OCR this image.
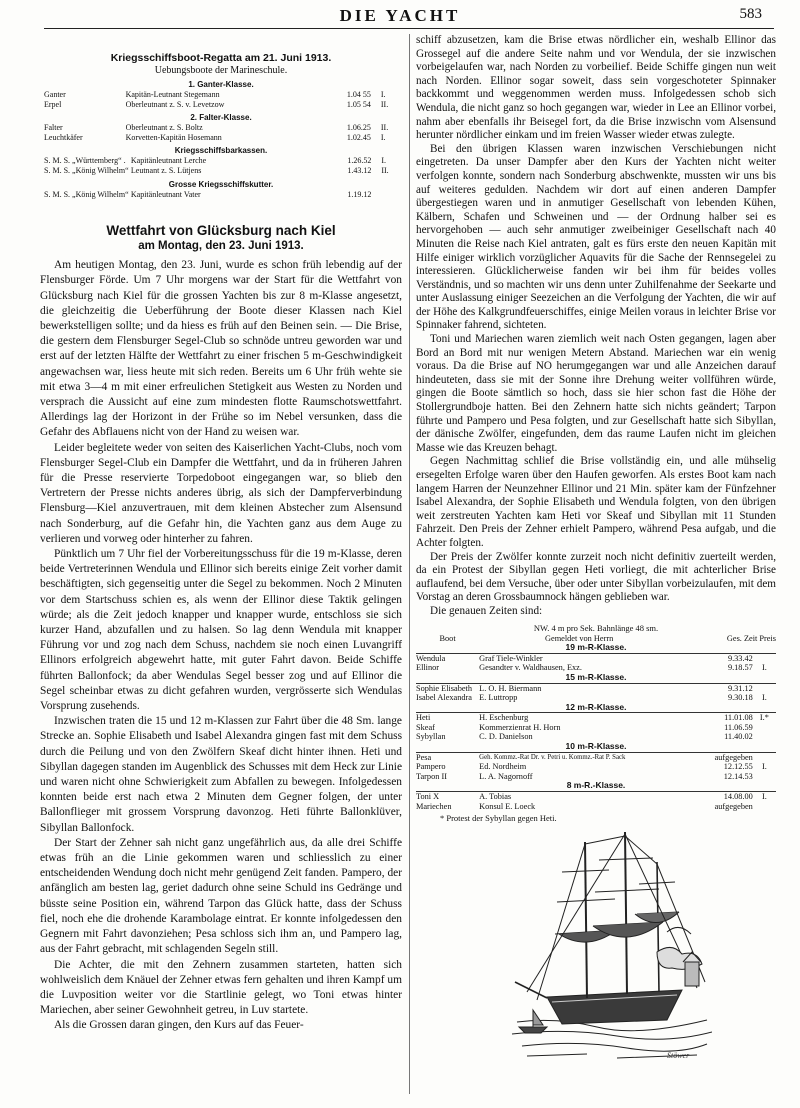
DIE YACHT	583
Kriegsschiffsboot-Regatta am 21. Juni 1913.
Uebungsboote der Marineschule.
1. Ganter-Klasse.
Ganter	Kapitän-Leutnant Stegemann	1.04 55	I.
Erpel	Oberleutnant z. S. v. Levetzow	1.05 54	II.
2. Falter-Klasse.
Falter	Oberleutnant z. S. Boltz	1.06.25	II.
Leuchtkäfer	Korvetten-Kapitän Hosemann	1.02.45	I.
Kriegsschiffsbarkassen.
S. M. S. „Württemberg“ .	Kapitänleutnant Lerche	1.26.52	I.
S. M. S. „König Wilhelm“	Leutnant z. S. Lütjens	1.43.12	II.
Grosse Kriegsschiffskutter.
S. M. S. „König Wilhelm“	Kapitänleutnant Vater	1.19.12	
Wettfahrt von Glücksburg nach Kiel
am Montag, den 23. Juni 1913.

Am heutigen Montag, den 23. Juni, wurde es schon früh lebendig auf der Flensburger Förde. Um 7 Uhr morgens war der Start für die Wettfahrt von Glücksburg nach Kiel für die grossen Yachten bis zur 8 m-Klasse angesetzt, die gleichzeitig die Ueberführung der Boote dieser Klassen nach Kiel bewerkstelligen sollte; und da hiess es früh auf den Beinen sein. — Die Brise, die gestern dem Flensburger Segel-Club so schnöde untreu geworden war und erst auf der letzten Hälfte der Wettfahrt zu einer frischen 5 m-Geschwindigkeit angewachsen war, liess heute mit sich reden. Bereits um 6 Uhr früh wehte sie mit etwa 3—4 m mit einer erfreulichen Stetigkeit aus Westen zu Norden und versprach die Aussicht auf eine zum mindesten flotte Raumschotswettfahrt. Allerdings lag der Horizont in der Frühe so im Nebel versunken, dass die Gefahr des Abflauens nicht von der Hand zu weisen war.

Leider begleitete weder von seiten des Kaiserlichen Yacht-Clubs, noch vom Flensburger Segel-Club ein Dampfer die Wettfahrt, und da in früheren Jahren für die Presse reservierte Torpedoboot eingegangen war, so blieb den Vertretern der Presse nichts anderes übrig, als sich der Dampferverbindung Flensburg—Kiel anzuvertrauen, mit dem kleinen Abstecher zum Alsensund nach Sonderburg, auf die Gefahr hin, die Yachten ganz aus dem Auge zu verlieren und vorweg oder hinterher zu fahren.

Pünktlich um 7 Uhr fiel der Vorbereitungsschuss für die 19 m-Klasse, deren beide Vertreterinnen Wendula und Ellinor sich bereits einige Zeit vorher damit beschäftigten, sich gegenseitig unter die Segel zu bekommen. Noch 2 Minuten vor dem Startschuss schien es, als wenn der Ellinor diese Taktik gelingen würde; als die Zeit jedoch knapper und knapper wurde, entschloss sie sich kurzer Hand, abzufallen und zu halsen. So lag denn Wendula mit knapper Führung vor und zog nach dem Schuss, nachdem sie noch einen Luvangriff Ellinors erfolgreich abgewehrt hatte, mit guter Fahrt davon. Beide Schiffe führten Ballonfock; da aber Wendulas Segel besser zog und auf Ellinor die Segel scheinbar etwas zu dicht gefahren wurden, vergrösserte sich Wendulas Vorsprung zusehends.

Inzwischen traten die 15 und 12 m-Klassen zur Fahrt über die 48 Sm. lange Strecke an. Sophie Elisabeth und Isabel Alexandra gingen fast mit dem Schuss durch die Peilung und von den Zwölfern Skeaf dicht hinter ihnen. Heti und Sibyllan dagegen standen im Augenblick des Schusses mit dem Heck zur Linie und waren nicht ohne Schwierigkeit zum Abfallen zu bewegen. Infolgedessen konnten beide erst nach etwa 2 Minuten dem Gegner folgen, der unter Ballonflieger mit grossem Vorsprung davonzog. Heti führte Ballonklüver, Sibyllan Ballonfock.

Der Start der Zehner sah nicht ganz ungefährlich aus, da alle drei Schiffe etwas früh an die Linie gekommen waren und schliesslich zu einer entscheidenden Wendung doch nicht mehr genügend Zeit fanden. Pampero, der anfänglich am besten lag, geriet dadurch ohne seine Schuld ins Gedränge und büsste seine Position ein, während Tarpon das Glück hatte, dass der Schuss fiel, noch ehe die drohende Karambolage eintrat. Er konnte infolgedessen den Gegnern mit Fahrt davonziehen; Pesa schloss sich ihm an, und Pampero lag, aus der Fahrt gebracht, mit schlagenden Segeln still.

Die Achter, die mit den Zehnern zusammen starteten, hatten sich wohlweislich dem Knäuel der Zehner etwas fern gehalten und ihren Kampf um die Luvposition weiter vor die Startlinie gelegt, wo Toni etwas hinter Mariechen, aber seiner Gewohnheit getreu, in Luv startete.

Als die Grossen daran gingen, den Kurs auf das Feuer-

schiff abzusetzen, kam die Brise etwas nördlicher ein, weshalb Ellinor das Grossegel auf die andere Seite nahm und vor Wendula, der sie inzwischen vorbeigelaufen war, nach Norden zu vorbeilief. Beide Schiffe gingen nun weit nach Norden. Ellinor sogar soweit, dass sein vorgeschoteter Spinnaker backkommt und weggenommen werden muss. Infolgedessen schob sich Wendula, die nicht ganz so hoch gegangen war, wieder in Lee an Ellinor vorbei, nahm aber ebenfalls ihr Beisegel fort, da die Brise inzwischn vom Alsensund herunter nördlicher einkam und im freien Wasser wieder etwas zulegte.

Bei den übrigen Klassen waren inzwischen Verschiebungen nicht eingetreten. Da unser Dampfer aber den Kurs der Yachten nicht weiter verfolgen konnte, sondern nach Sonderburg abschwenkte, mussten wir uns bis auf weiteres gedulden. Nachdem wir dort auf einen anderen Dampfer übergestiegen waren und in anmutiger Gesellschaft von lebenden Kühen, Kälbern, Schafen und Schweinen und — der Ordnung halber sei es hervorgehoben — auch sehr anmutiger zweibeiniger Gesellschaft nach 40 Minuten die Reise nach Kiel antraten, galt es fürs erste den neuen Kapitän mit Hilfe einiger wirklich vorzüglicher Aquavits für die Sache der Rennsegelei zu interessieren. Glücklicherweise fanden wir bei ihm für beides volles Verständnis, und so machten wir uns denn unter Zuhilfenahme der Seekarte und unter Auslassung einiger Seezeichen an die Verfolgung der Yachten, die wir auf der Höhe des Kalkgrundfeuerschiffes, einige Meilen voraus in leichter Brise vor Spinnaker fahrend, sichteten.

Toni und Mariechen waren ziemlich weit nach Osten gegangen, lagen aber Bord an Bord mit nur wenigen Metern Abstand. Mariechen war ein wenig voraus. Da die Brise auf NO herumgegangen war und alle Anzeichen darauf hindeuteten, dass sie mit der Sonne ihre Drehung weiter vollführen würde, gingen die Boote sämtlich so hoch, dass sie hier schon fast die Höhe der Stollergrundboje hatten. Bei den Zehnern hatte sich nichts geändert; Tarpon führte und Pampero und Pesa folgten, und zur Gesellschaft hatte sich Sibyllan, der dänische Zwölfer, eingefunden, dem das raume Laufen nicht im gleichen Masse wie das Kreuzen behagt.

Gegen Nachmittag schlief die Brise vollständig ein, und alle mühselig ersegelten Erfolge waren über den Haufen geworfen. Als erstes Boot kam nach langem Harren der Neunzehner Ellinor und 21 Min. später kam der Fünfzehner Isabel Alexandra, der Sophie Elisabeth und Wendula folgten, von den übrigen weit zerstreuten Yachten kam Heti vor Skeaf und Sibyllan mit 11 Stunden Fahrzeit. Den Preis der Zehner erhielt Pampero, während Pesa aufgab, und die Achter folgten.

Der Preis der Zwölfer konnte zurzeit noch nicht definitiv zuerteilt werden, da ein Protest der Sibyllan gegen Heti vorliegt, die mit achterlicher Brise auflaufend, bei dem Versuche, über oder unter Sibyllan vorbeizulaufen, mit dem Vorstag an deren Grossbaumnock hängen geblieben war.

Die genauen Zeiten sind:

NW. 4 m pro Sek. Bahnlänge 48 sm.
Boot	Gemeldet von Herrn	Ges. Zeit Preis	
19 m-R-Klasse.			
Wendula	Graf Tiele-Winkler	9.33.42	
Ellinor	Gesandter v. Waldhausen, Exz.	9.18.57	I.
15 m-R-Klasse.			
Sophie Elisabeth	L. O. H. Biermann	9.31.12	
Isabel Alexandra	E. Luttropp	9.30.18	I.
12 m-R-Klasse.			
Heti	H. Eschenburg	11.01.08	I.*
Skeaf	Kommerzienrat H. Horn	11.06.59	
Sybyllan	C. D. Danielson	11.40.02	
10 m-R-Klasse.			
Pesa	Geh. Kommz.-Rat Dr. v. Petri u. Kommz.-Rat P. Sack	aufgegeben	
Pampero	Ed. Nordheim	12.12.55	I.
Tarpon II	L. A. Nagornoff	12.14.53	
8 m-R.-Klasse.			
Toni X	A. Tobias	14.08.00	I.
Mariechen	Konsul E. Loeck	aufgegeben	
* Protest der Sybyllan gegen Heti.
Stöwer
